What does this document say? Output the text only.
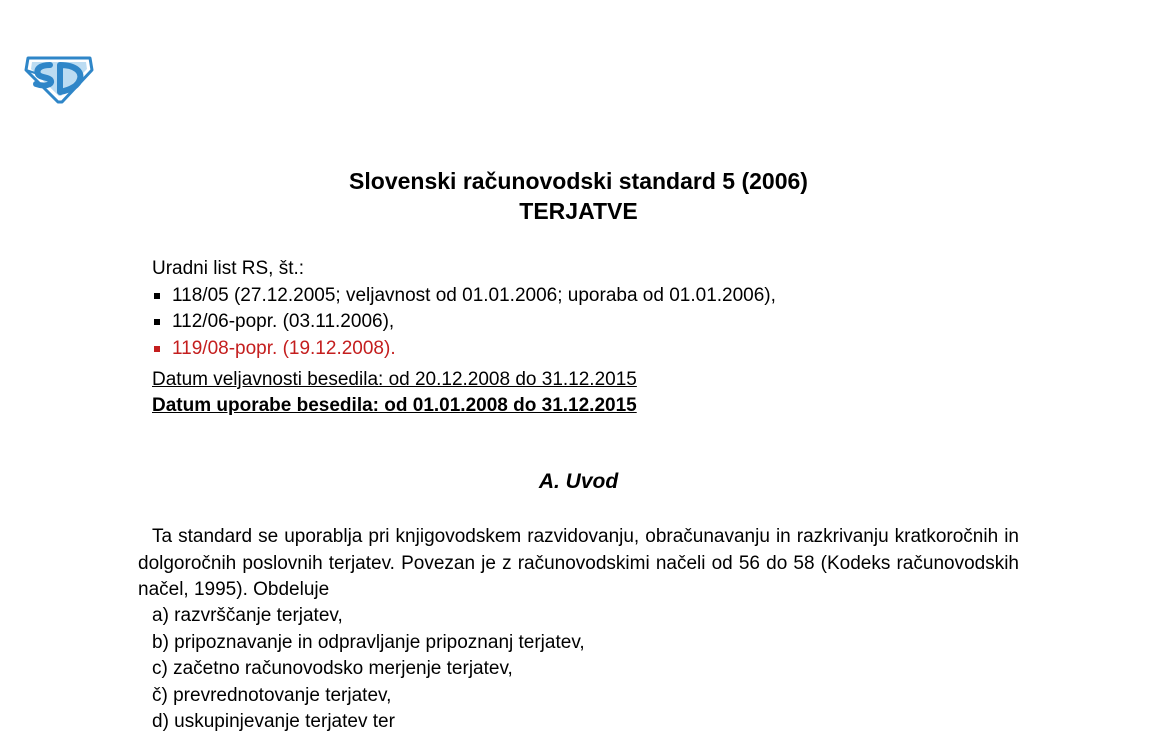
Slovenski računovodski standard 5 (2006)
TERJATVE
Uradni list RS, št.:
118/05 (27.12.2005; veljavnost od 01.01.2006; uporaba od 01.01.2006),
112/06-popr. (03.11.2006),
119/08-popr. (19.12.2008).
Datum veljavnosti besedila: od 20.12.2008 do 31.12.2015
Datum uporabe besedila: od 01.01.2008 do 31.12.2015
A. Uvod
Ta standard se uporablja pri knjigovodskem razvidovanju, obračunavanju in razkrivanju kratkoročnih in dolgoročnih poslovnih terjatev. Povezan je z računovodskimi načeli od 56 do 58 (Kodeks računovodskih načel, 1995). Obdeluje
a) razvrščanje terjatev,
b) pripoznavanje in odpravljanje pripoznanj terjatev,
c) začetno računovodsko merjenje terjatev,
č) prevrednotovanje terjatev,
d) uskupinjevanje terjatev ter
